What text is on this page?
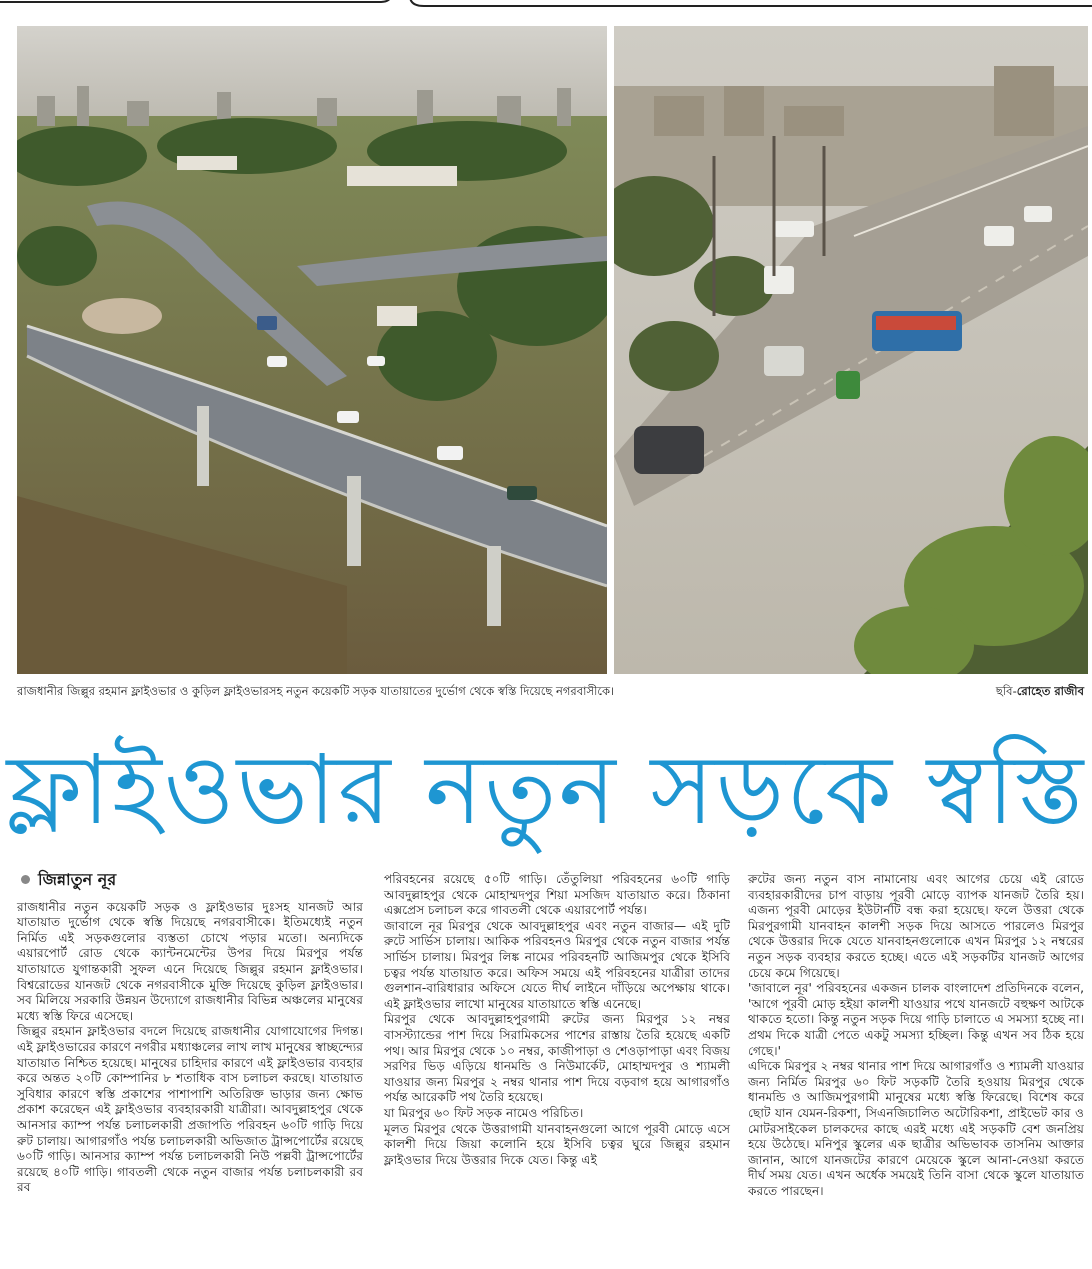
রাজধানীর জিল্লুর রহমান ফ্লাইওভার ও কুড়িল ফ্লাইওভারসহ নতুন কয়েকটি সড়ক যাতায়াতের দুর্ভোগ থেকে স্বস্তি দিয়েছে নগরবাসীকে।	ছবি-রোহেত রাজীব
ফ্লাইওভার নতুন সড়কে স্বস্তি

জিন্নাতুন নূর

রাজধানীর নতুন কয়েকটি সড়ক ও ফ্লাইওভার দুঃসহ যানজট আর যাতায়াত দুর্ভোগ থেকে স্বস্তি দিয়েছে নগরবাসীকে। ইতিমধ্যেই নতুন নির্মিত এই সড়কগুলোর ব্যস্ততা চোখে পড়ার মতো। অন্যদিকে এয়ারপোর্ট রোড থেকে ক্যান্টনমেন্টের উপর দিয়ে মিরপুর পর্যন্ত যাতায়াতে যুগান্তকারী সুফল এনে দিয়েছে জিল্লুর রহমান ফ্লাইওভার। বিশ্বরোডের যানজট থেকে নগরবাসীকে মুক্তি দিয়েছে কুড়িল ফ্লাইওভার। সব মিলিয়ে সরকারি উন্নয়ন উদ্যোগে রাজধানীর বিভিন্ন অঞ্চলের মানুষের মধ্যে স্বস্তি ফিরে এসেছে।

জিল্লুর রহমান ফ্লাইওভার বদলে দিয়েছে রাজধানীর যোগাযোগের দিগন্ত। এই ফ্লাইওভারের কারণে নগরীর মধ্যাঞ্চলের লাখ লাখ মানুষের স্বাচ্ছন্দ্যের যাতায়াত নিশ্চিত হয়েছে। মানুষের চাহিদার কারণে এই ফ্লাইওভার ব্যবহার করে অন্তত ২০টি কোম্পানির ৮ শতাধিক বাস চলাচল করছে। যাতায়াত সুবিধার কারণে স্বস্তি প্রকাশের পাশাপাশি অতিরিক্ত ভাড়ার জন্য ক্ষোভ প্রকাশ করেছেন এই ফ্লাইওভার ব্যবহারকারী যাত্রীরা। আবদুল্লাহপুর থেকে আনসার ক্যাম্প পর্যন্ত চলাচলকারী প্রজাপতি পরিবহন ৬০টি গাড়ি দিয়ে রুট চালায়। আগারগাঁও পর্যন্ত চলাচলকারী অভিজাত ট্রান্সপোর্টের রয়েছে ৬০টি গাড়ি। আনসার ক্যাম্প পর্যন্ত চলাচলকারী নিউ পল্লবী ট্রান্সপোর্টের রয়েছে ৪০টি গাড়ি। গাবতলী থেকে নতুন বাজার পর্যন্ত চলাচলকারী রব রব

পরিবহনের রয়েছে ৫০টি গাড়ি। তেঁতুলিয়া পরিবহনের ৬০টি গাড়ি আবদুল্লাহপুর থেকে মোহাম্মদপুর শিয়া মসজিদ যাতায়াত করে। ঠিকানা এক্সপ্রেস চলাচল করে গাবতলী থেকে এয়ারপোর্ট পর্যন্ত।

জাবালে নূর মিরপুর থেকে আবদুল্লাহপুর এবং নতুন বাজার— এই দুটি রুটে সার্ভিস চালায়। আকিক পরিবহনও মিরপুর থেকে নতুন বাজার পর্যন্ত সার্ভিস চালায়। মিরপুর লিঙ্ক নামের পরিবহনটি আজিমপুর থেকে ইসিবি চত্বর পর্যন্ত যাতায়াত করে। অফিস সময়ে এই পরিবহনের যাত্রীরা তাদের গুলশান-বারিধারার অফিসে যেতে দীর্ঘ লাইনে দাঁড়িয়ে অপেক্ষায় থাকে। এই ফ্লাইওভার লাখো মানুষের যাতায়াতে স্বস্তি এনেছে।

মিরপুর থেকে আবদুল্লাহপুরগামী রুটের জন্য মিরপুর ১২ নম্বর বাসস্ট্যান্ডের পাশ দিয়ে সিরামিকসের পাশের রাস্তায় তৈরি হয়েছে একটি পথ। আর মিরপুর থেকে ১০ নম্বর, কাজীপাড়া ও শেওড়াপাড়া এবং বিজয় সরণির ভিড় এড়িয়ে ধানমন্ডি ও নিউমার্কেট, মোহাম্মদপুর ও শ্যামলী যাওয়ার জন্য মিরপুর ২ নম্বর থানার পাশ দিয়ে বড়বাগ হয়ে আগারগাঁও পর্যন্ত আরেকটি পথ তৈরি হয়েছে।

যা মিরপুর ৬০ ফিট সড়ক নামেও পরিচিত।

মূলত মিরপুর থেকে উত্তরাগামী যানবাহনগুলো আগে পূরবী মোড়ে এসে কালশী দিয়ে জিয়া কলোনি হয়ে ইসিবি চত্বর ঘুরে জিল্লুর রহমান ফ্লাইওভার দিয়ে উত্তরার দিকে যেত। কিন্তু এই

রুটের জন্য নতুন বাস নামানোয় এবং আগের চেয়ে এই রোডে ব্যবহারকারীদের চাপ বাড়ায় পূরবী মোড়ে ব্যাপক যানজট তৈরি হয়। এজন্য পূরবী মোড়ের ইউটার্নটি বন্ধ করা হয়েছে। ফলে উত্তরা থেকে মিরপুরগামী যানবাহন কালশী সড়ক দিয়ে আসতে পারলেও মিরপুর থেকে উত্তরার দিকে যেতে যানবাহনগুলোকে এখন মিরপুর ১২ নম্বরের নতুন সড়ক ব্যবহার করতে হচ্ছে। এতে এই সড়কটির যানজট আগের চেয়ে কমে গিয়েছে।

'জাবালে নূর' পরিবহনের একজন চালক বাংলাদেশ প্রতিদিনকে বলেন, 'আগে পূরবী মোড় হইয়া কালশী যাওয়ার পথে যানজটে বহুক্ষণ আটকে থাকতে হতো। কিন্তু নতুন সড়ক দিয়ে গাড়ি চালাতে এ সমস্যা হচ্ছে না। প্রথম দিকে যাত্রী পেতে একটু সমস্যা হচ্ছিল। কিন্তু এখন সব ঠিক হয়ে গেছে।'

এদিকে মিরপুর ২ নম্বর থানার পাশ দিয়ে আগারগাঁও ও শ্যামলী যাওয়ার জন্য নির্মিত মিরপুর ৬০ ফিট সড়কটি তৈরি হওয়ায় মিরপুর থেকে ধানমন্ডি ও আজিমপুরগামী মানুষের মধ্যে স্বস্তি ফিরেছে। বিশেষ করে ছোট যান যেমন-রিকশা, সিএনজিচালিত অটোরিকশা, প্রাইভেট কার ও মোটরসাইকেল চালকদের কাছে এরই মধ্যে এই সড়কটি বেশ জনপ্রিয় হয়ে উঠেছে। মনিপুর স্কুলের এক ছাত্রীর অভিভাবক তাসনিম আক্তার জানান, আগে যানজটের কারণে মেয়েকে স্কুলে আনা-নেওয়া করতে দীর্ঘ সময় যেত। এখন অর্ধেক সময়েই তিনি বাসা থেকে স্কুলে যাতায়াত করতে পারছেন।
